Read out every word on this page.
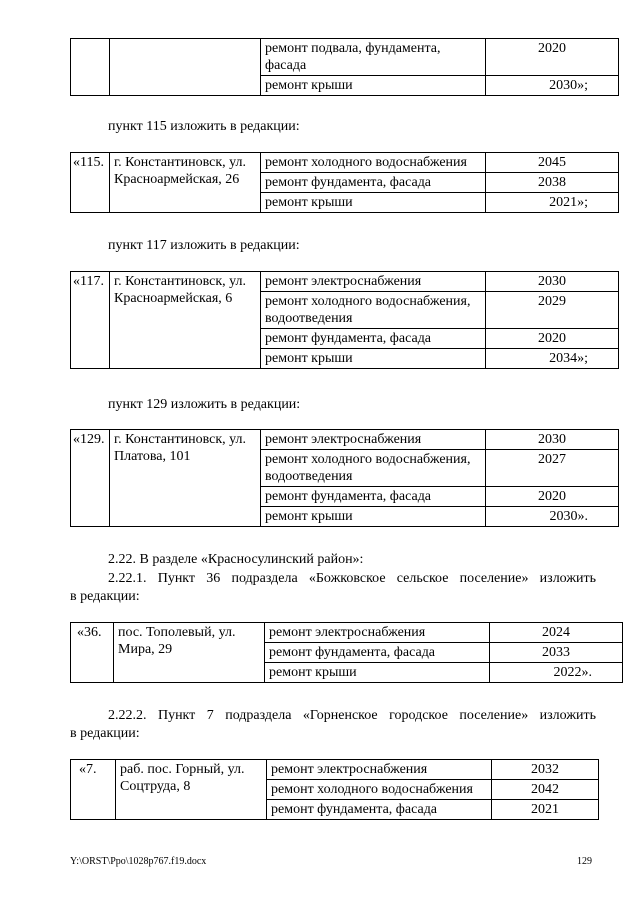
		ремонт подвала, фундамента, фасада	2020
		ремонт крыши	2030»;

пункт 115 изложить в редакции:

«115.	г. Константиновск, ул. Красноармейская, 26	ремонт холодного водоснабжения	2045
		ремонт фундамента, фасада	2038
		ремонт крыши	2021»;

пункт 117 изложить в редакции:

«117.	г. Константиновск, ул. Красноармейская, 6	ремонт электроснабжения	2030
		ремонт холодного водоснабжения, водоотведения	2029
		ремонт фундамента, фасада	2020
		ремонт крыши	2034»;

пункт 129 изложить в редакции:

«129.	г. Константиновск, ул. Платова, 101	ремонт электроснабжения	2030
		ремонт холодного водоснабжения, водоотведения	2027
		ремонт фундамента, фасада	2020
		ремонт крыши	2030».

2.22. В разделе «Красносулинский район»:

2.22.1. Пункт 36 подраздела «Божковское сельское поселение» изложить

в редакции:

«36.	пос. Тополевый, ул. Мира, 29	ремонт электроснабжения	2024
		ремонт фундамента, фасада	2033
		ремонт крыши	2022».

2.22.2. Пункт 7 подраздела «Горненское городское поселение» изложить

в редакции:

«7.	раб. пос. Горный, ул. Соцтруда, 8	ремонт электроснабжения	2032
		ремонт холодного водоснабжения	2042
		ремонт фундамента, фасада	2021
Y:\ORST\Ppo\1028p767.f19.docx	129
